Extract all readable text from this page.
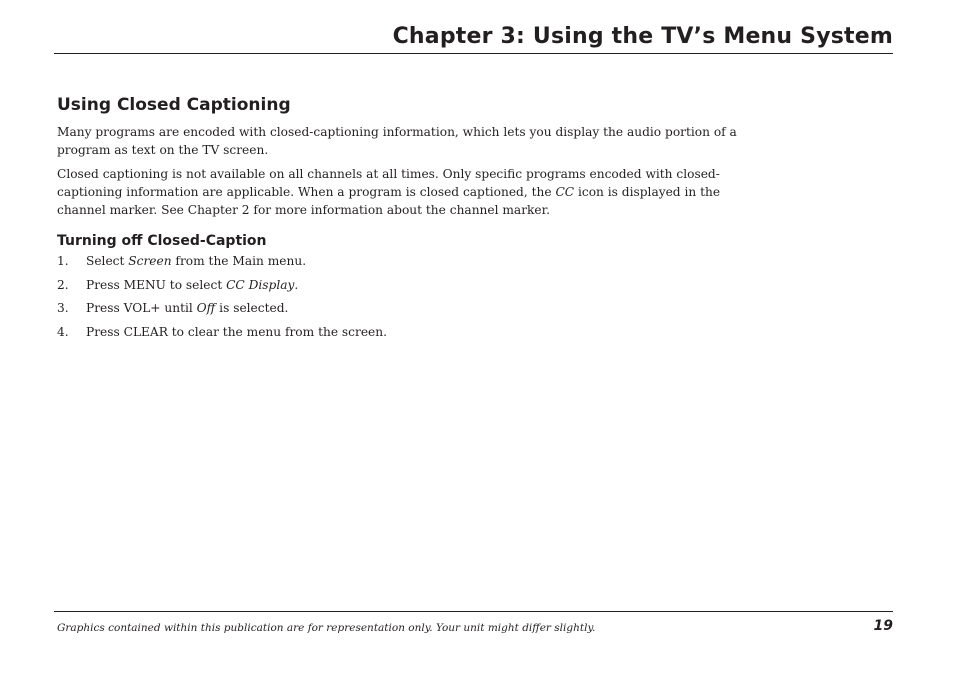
Chapter 3: Using the TV’s Menu System
Using Closed Captioning

Many programs are encoded with closed-captioning information, which lets you display the audio portion of a program as text on the TV screen.

Closed captioning is not available on all channels at all times. Only specific programs encoded with closed-captioning information are applicable. When a program is closed captioned, the CC icon is displayed in the channel marker. See Chapter 2 for more information about the channel marker.

Turning off Closed-Caption
1.	Select Screen from the Main menu.
2.	Press MENU to select CC Display.
3.	Press VOL+ until Off is selected.
4.	Press CLEAR to clear the menu from the screen.
Graphics contained within this publication are for representation only. Your unit might differ slightly.	19
